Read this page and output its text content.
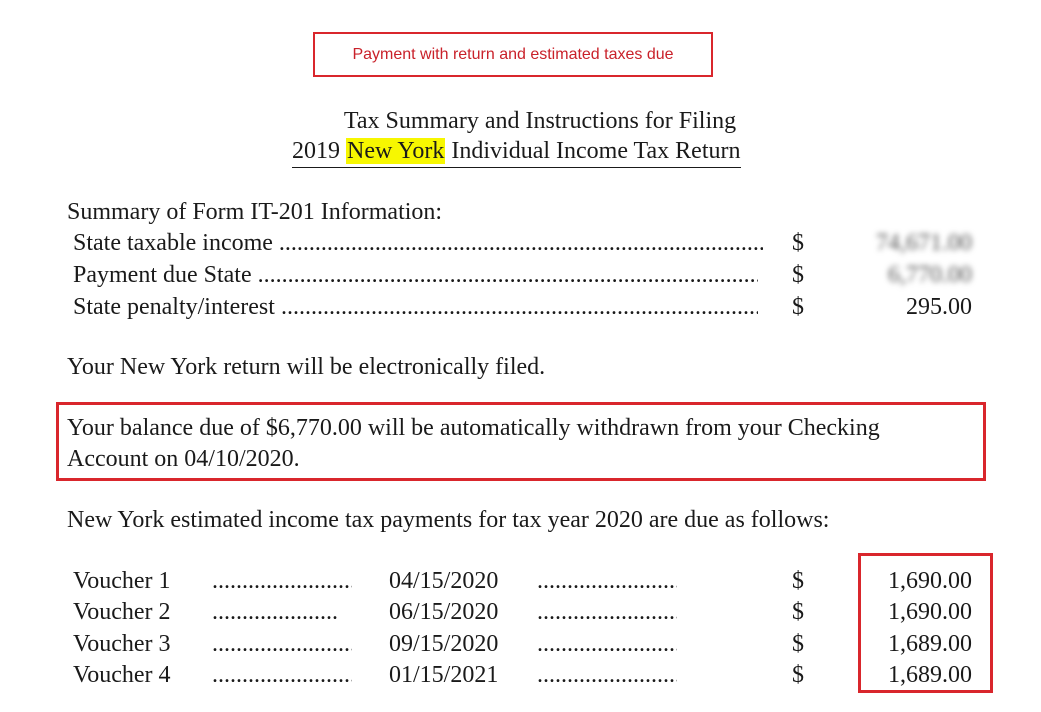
Payment with return and estimated taxes due
Tax Summary and Instructions for Filing
2019 New York Individual Income Tax Return
Summary of Form IT-201 Information:
State taxable income .....	$	74,671.00
Payment due State .....	$	6,770.00
State penalty/interest .....	$	295.00
Your New York return will be electronically filed.
Your balance due of $6,770.00 will be automatically withdrawn from your Checking
Account on 04/10/2020.
New York estimated income tax payments for tax year 2020 are due as follows:
Voucher 1 .....	04/15/2020 .....	$	1,690.00
Voucher 2 .....	06/15/2020 .....	$	1,690.00
Voucher 3 .....	09/15/2020 .....	$	1,689.00
Voucher 4 .....	01/15/2021 .....	$	1,689.00
